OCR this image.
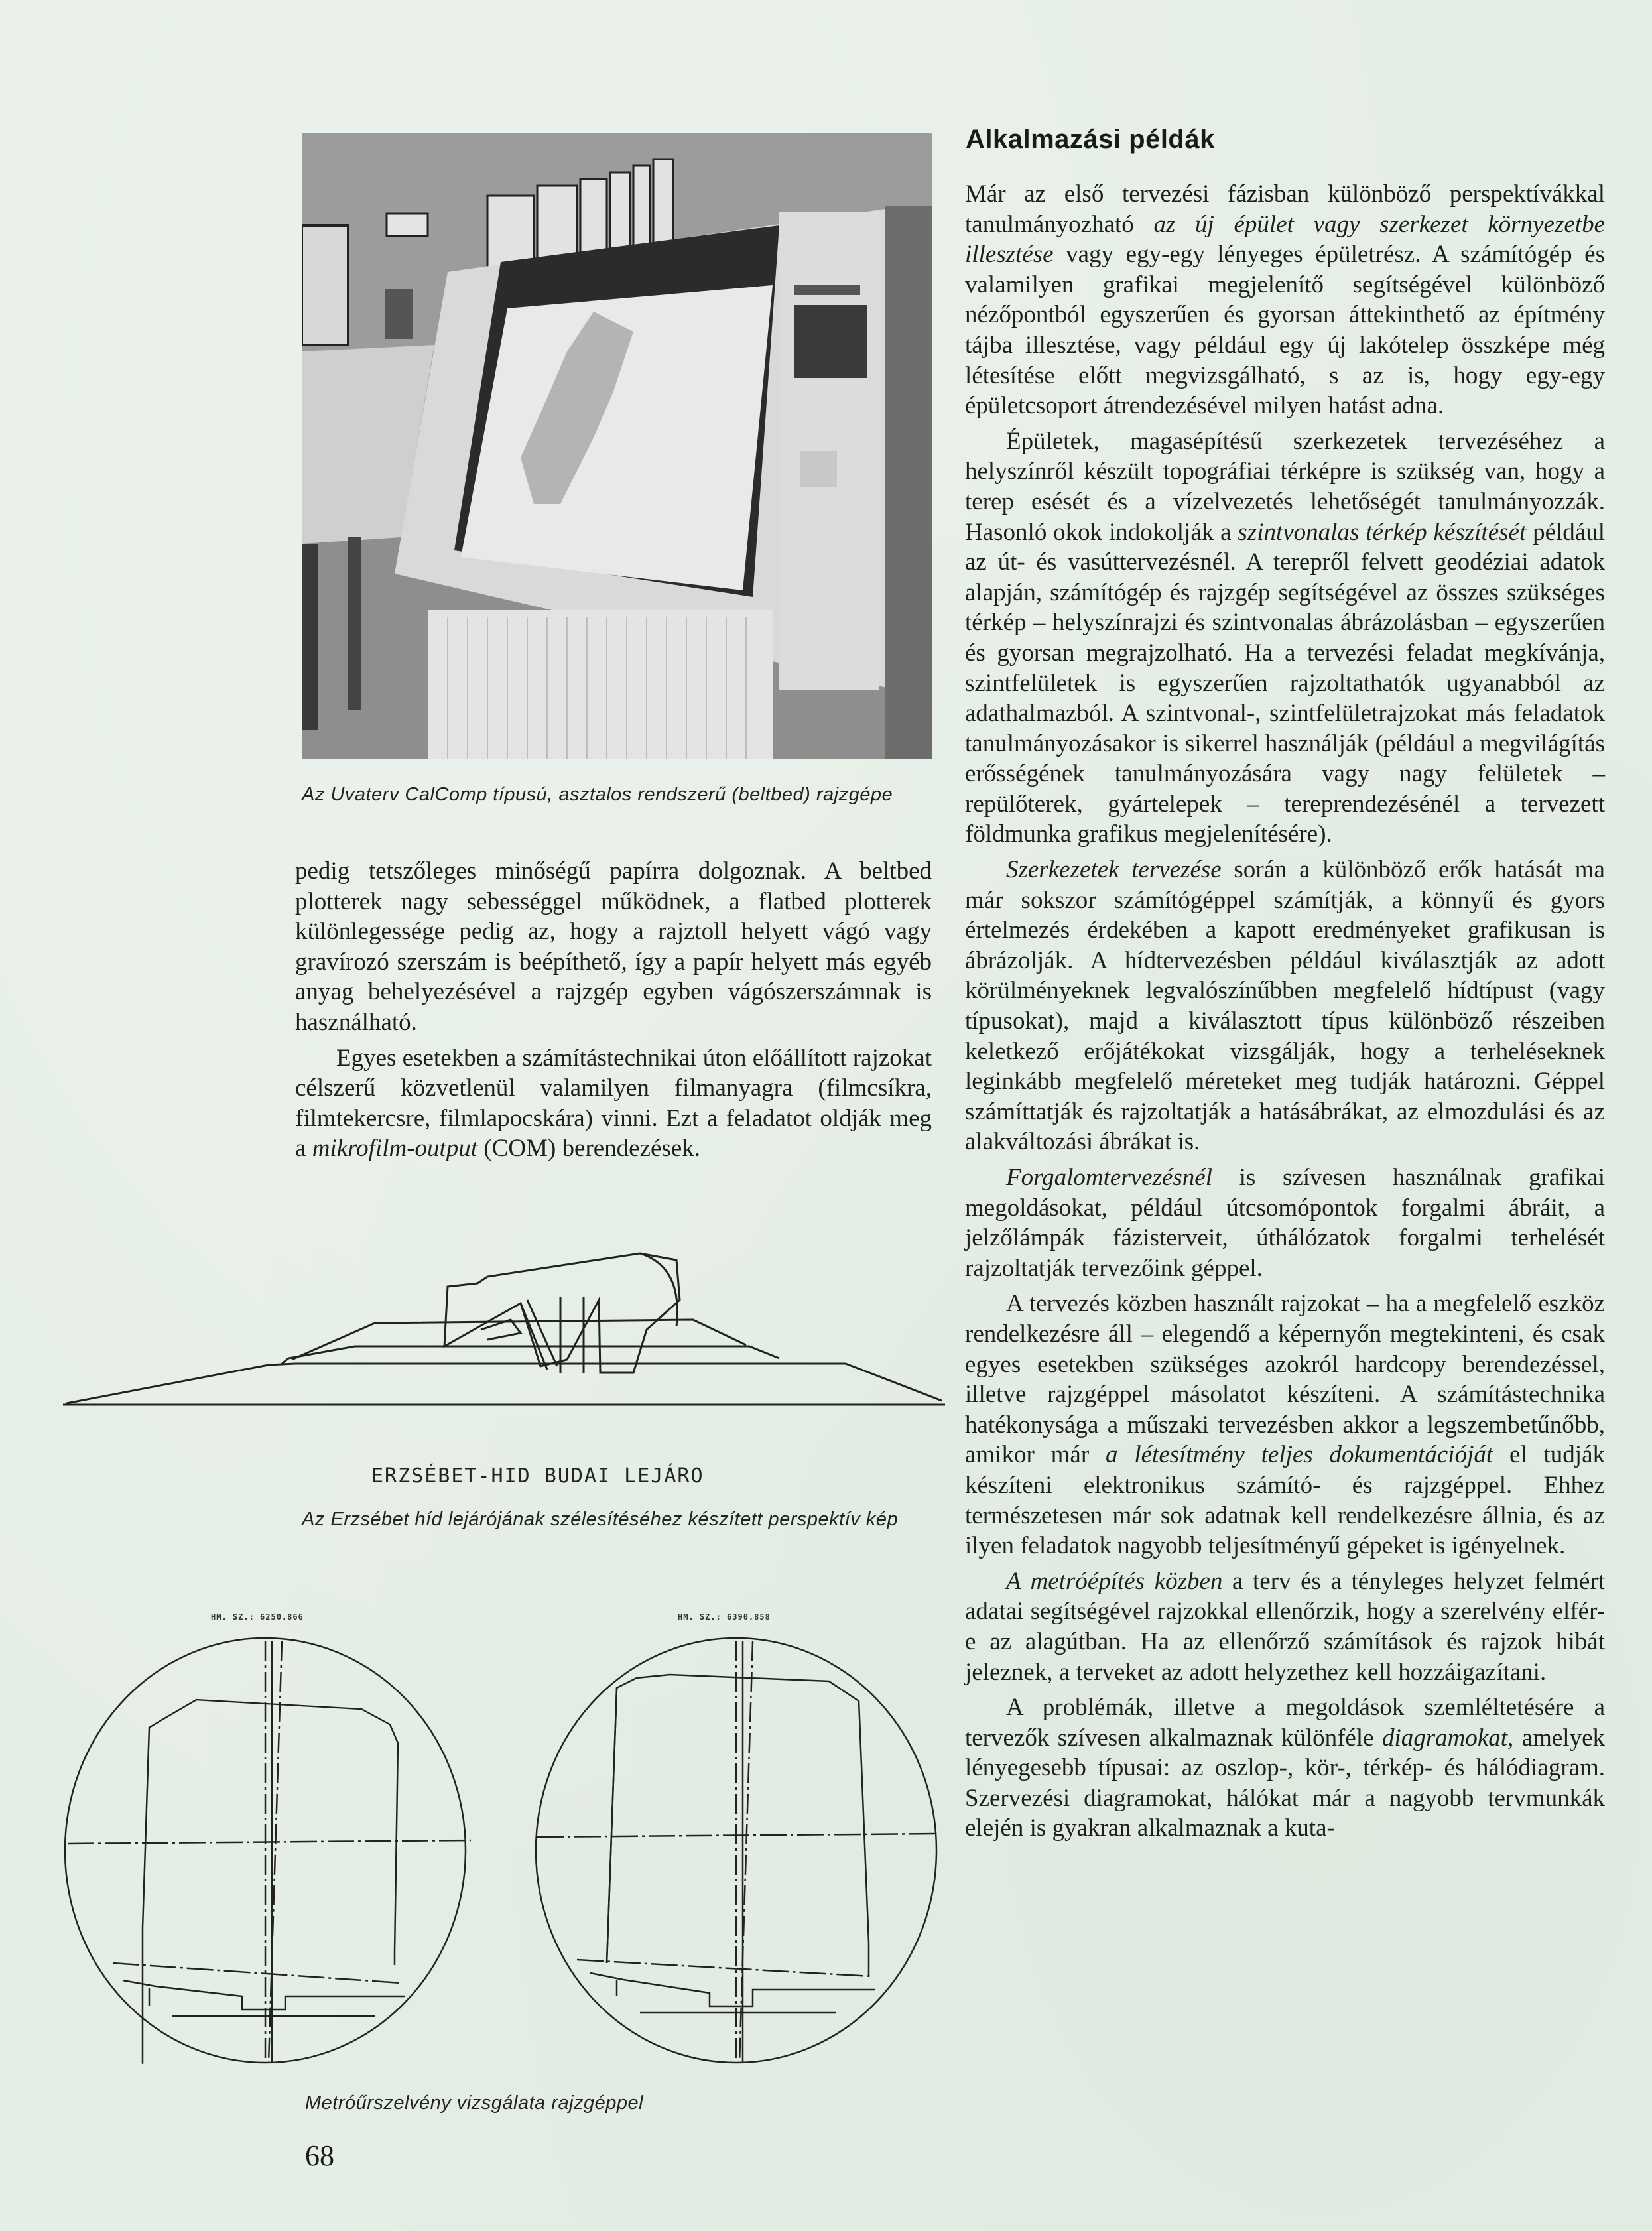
Az Uvaterv CalComp típusú, asztalos rendszerű (beltbed) rajzgépe

pedig tetszőleges minőségű papírra dolgoznak. A beltbed plotterek nagy sebességgel működnek, a flatbed plotterek különlegessége pedig az, hogy a rajztoll helyett vágó vagy gravírozó szerszám is beépíthető, így a papír helyett más egyéb anyag behelyezésével a rajzgép egyben vágószerszámnak is használható.

Egyes esetekben a számítástechnikai úton előállított rajzokat célszerű közvetlenül valamilyen filmanyagra (filmcsíkra, filmtekercsre, filmlapocskára) vinni. Ezt a feladatot oldják meg a mikrofilm-output (COM) berendezések.

ERZSÉBET-HID BUDAI LEJÁRO
Az Erzsébet híd lejárójának szélesítéséhez készített perspektív kép
HM. SZ.: 6250.866	HM. SZ.: 6390.858
Metróűrszelvény vizsgálata rajzgéppel
Alkalmazási példák

Már az első tervezési fázisban különböző perspektívákkal tanulmányozható az új épület vagy szerkezet környezetbe illesztése vagy egy-egy lényeges épületrész. A számítógép és valamilyen grafikai megjelenítő segítségével különböző nézőpontból egyszerűen és gyorsan áttekinthető az építmény tájba illesztése, vagy például egy új lakótelep összképe még létesítése előtt megvizsgálható, s az is, hogy egy-egy épületcsoport átrendezésével milyen hatást adna.

Épületek, magasépítésű szerkezetek tervezéséhez a helyszínről készült topográfiai térképre is szükség van, hogy a terep esését és a vízelvezetés lehetőségét tanulmányozzák. Hasonló okok indokolják a szintvonalas térkép készítését például az út- és vasúttervezésnél. A terepről felvett geodéziai adatok alapján, számítógép és rajzgép segítségével az összes szükséges térkép – helyszínrajzi és szintvonalas ábrázolásban – egyszerűen és gyorsan megrajzolható. Ha a tervezési feladat megkívánja, szintfelületek is egyszerűen rajzoltathatók ugyanabból az adathalmazból. A szintvonal-, szintfelületrajzokat más feladatok tanulmányozásakor is sikerrel használják (például a megvilágítás erősségének tanulmányozására vagy nagy felületek – repülőterek, gyártelepek – tereprendezésénél a tervezett földmunka grafikus megjelenítésére).

Szerkezetek tervezése során a különböző erők hatását ma már sokszor számítógéppel számítják, a könnyű és gyors értelmezés érdekében a kapott eredményeket grafikusan is ábrázolják. A hídtervezésben például kiválasztják az adott körülményeknek legvalószínűbben megfelelő hídtípust (vagy típusokat), majd a kiválasztott típus különböző részeiben keletkező erőjátékokat vizsgálják, hogy a terheléseknek leginkább megfelelő méreteket meg tudják határozni. Géppel számíttatják és rajzoltatják a hatásábrákat, az elmozdulási és az alakváltozási ábrákat is.

Forgalomtervezésnél is szívesen használnak grafikai megoldásokat, például útcsomópontok forgalmi ábráit, a jelzőlámpák fázisterveit, úthálózatok forgalmi terhelését rajzoltatják tervezőink géppel.

A tervezés közben használt rajzokat – ha a megfelelő eszköz rendelkezésre áll – elegendő a képernyőn megtekinteni, és csak egyes esetekben szükséges azokról hardcopy berendezéssel, illetve rajzgéppel másolatot készíteni. A számítástechnika hatékonysága a műszaki tervezésben akkor a legszembetűnőbb, amikor már a létesítmény teljes dokumentációját el tudják készíteni elektronikus számító- és rajzgéppel. Ehhez természetesen már sok adatnak kell rendelkezésre állnia, és az ilyen feladatok nagyobb teljesítményű gépeket is igényelnek.

A metróépítés közben a terv és a tényleges helyzet felmért adatai segítségével rajzokkal ellenőrzik, hogy a szerelvény elfér-e az alagútban. Ha az ellenőrző számítások és rajzok hibát jeleznek, a terveket az adott helyzethez kell hozzáigazítani.

A problémák, illetve a megoldások szemléltetésére a tervezők szívesen alkalmaznak különféle diagramokat, amelyek lényegesebb típusai: az oszlop-, kör-, térkép- és hálódiagram. Szervezési diagramokat, hálókat már a nagyobb tervmunkák elején is gyakran alkalmaznak a kuta-

68
